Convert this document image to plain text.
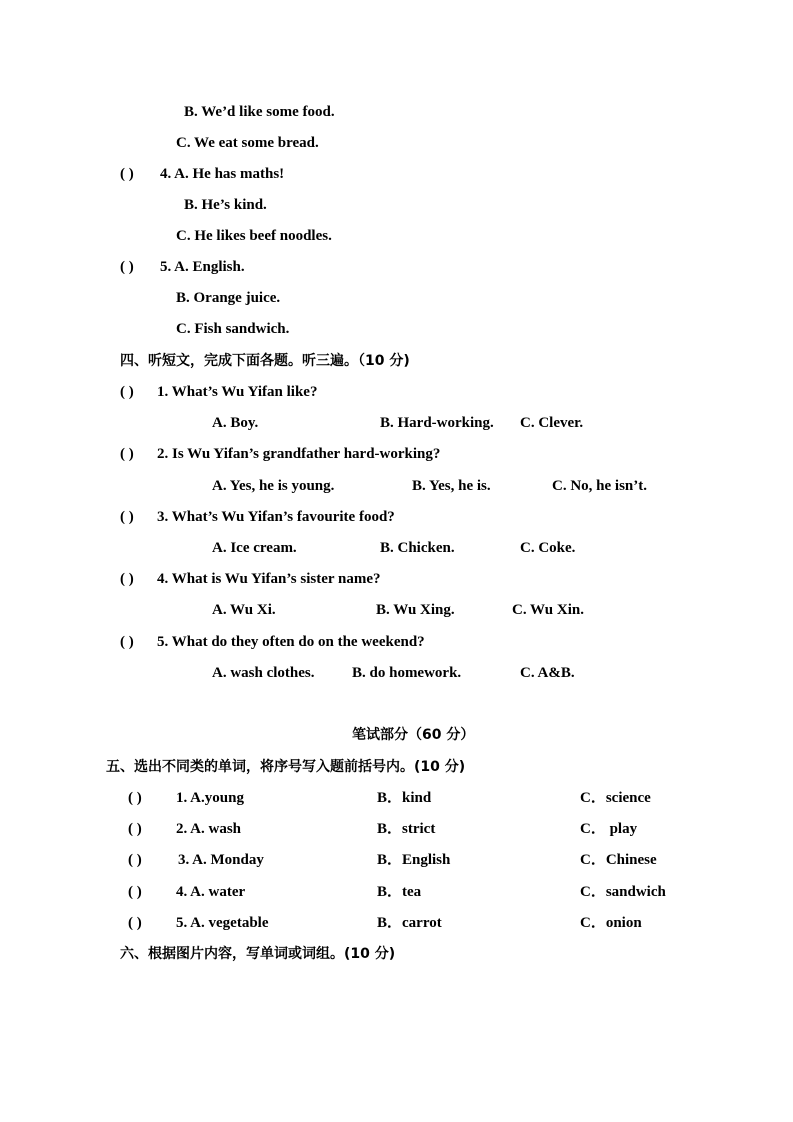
B. We’d like some food.
C. We eat some bread.
( ) 4. A. He has maths!
B. He’s kind.
C. He likes beef noodles.
( ) 5. A. English.
B. Orange juice.
C. Fish sandwich.
四、听短文，完成下面各题。听三遍。（10 分)
( ) 1. What’s Wu Yifan like?
A. Boy.	B. Hard-working. C. Clever.
( ) 2. Is Wu Yifan’s grandfather hard-working?
A. Yes, he is young.	B. Yes, he is.	C. No, he isn’t.
( ) 3. What’s Wu Yifan’s favourite food?
A. Ice cream.	B. Chicken.	C. Coke.
( ) 4. What is Wu Yifan’s sister name?
A. Wu Xi.	B. Wu Xing.	C. Wu Xin.
( ) 5. What do they often do on the weekend?
A. wash clothes. B. do homework.	C. A&B.
笔试部分（60 分）
五、选出不同类的单词，将序号写入题前括号内。(10 分)
( ) 1. A.young	B．kind	C．science
( ) 2. A. wash	B．strict	C． play
( ) 3. A. Monday	B．English	C．Chinese
( ) 4. A. water	B．tea	C．sandwich
( ) 5. A. vegetable	B．carrot	C．onion
六、根据图片内容，写单词或词组。(10 分)
